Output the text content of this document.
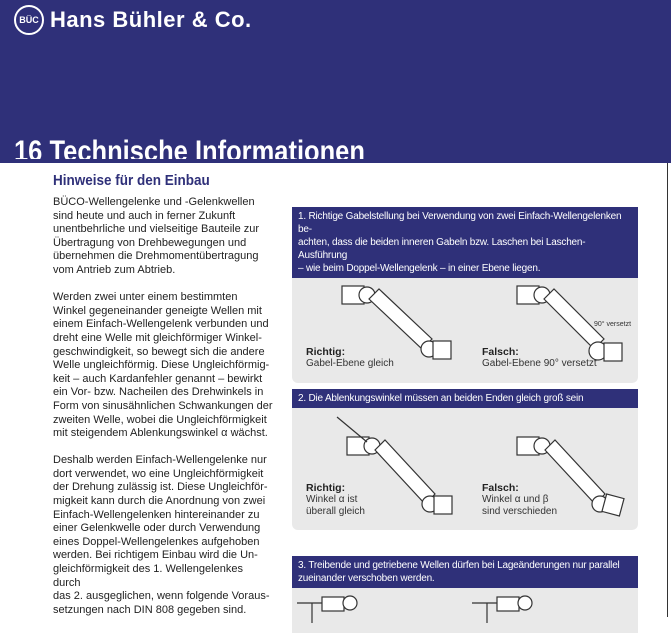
BÜC Hans Bühler & Co.
16 Technische Informationen
Hinweise für den Einbau

BÜCO-Wellengelenke und -Gelenkwellen
sind heute und auch in ferner Zukunft
unentbehrliche und vielseitige Bauteile zur
Übertragung von Drehbewegungen und
übernehmen die Drehmomentübertragung
vom Antrieb zum Abtrieb.

Werden zwei unter einem bestimmten
Winkel gegeneinander geneigte Wellen mit
einem Einfach-Wellengelenk verbunden und
dreht eine Welle mit gleichförmiger Winkel-
geschwindigkeit, so bewegt sich die andere
Welle ungleichförmig. Diese Ungleichförmig-
keit – auch Kardanfehler genannt – bewirkt
ein Vor- bzw. Nacheilen des Drehwinkels in
Form von sinusähnlichen Schwankungen der
zweiten Welle, wobei die Ungleichförmigkeit
mit steigendem Ablenkungswinkel α wächst.

Deshalb werden Einfach-Wellengelenke nur
dort verwendet, wo eine Ungleichförmigkeit
der Drehung zulässig ist. Diese Ungleichför-
migkeit kann durch die Anordnung von zwei
Einfach-Wellengelenken hintereinander zu
einer Gelenkwelle oder durch Verwendung
eines Doppel-Wellengelenkes aufgehoben
werden. Bei richtigem Einbau wird die Un-
gleichförmigkeit des 1. Wellengelenkes durch
das 2. ausgeglichen, wenn folgende Voraus-
setzungen nach DIN 808 gegeben sind.

1. Richtige Gabelstellung bei Verwendung von zwei Einfach-Wellengelenken be-
achten, dass die beiden inneren Gabeln bzw. Laschen bei Laschen-Ausführung
– wie beim Doppel-Wellengelenk – in einer Ebene liegen.
90° versetzt
Richtig:
Gabel-Ebene gleich
Falsch:
Gabel-Ebene 90° versetzt
2. Die Ablenkungswinkel müssen an beiden Enden gleich groß sein
Richtig:
Winkel α ist
überall gleich
Falsch:
Winkel α und β
sind verschieden
3. Treibende und getriebene Wellen dürfen bei Lageänderungen nur parallel
zueinander verschoben werden.
